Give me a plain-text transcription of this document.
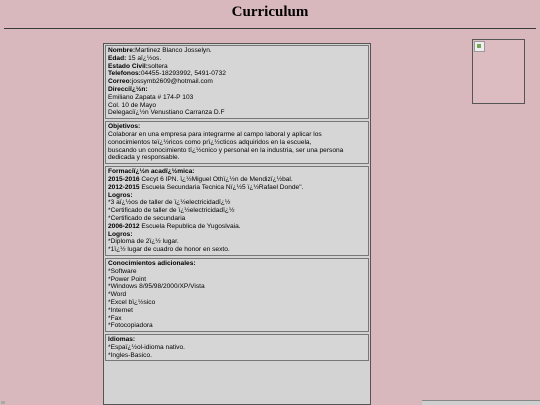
Curriculum
Nombre:Martinez Blanco Josselyn.
Edad: 15 aï¿½os.
Estado Civil:soltera
Telefonos:04455-18293992, 5491-0732
Correo:jossymb2609@hotmail.com
Direcciï¿½n:
Emiliano Zapata # 174-P 103
Col. 10 de Mayo
Delegaciï¿½n Venustiano Carranza D.F
Objetivos:
Colaborar en una empresa para integrarme al campo laboral y aplicar los
conocimientos teï¿½ricos como prï¿½cticos adquiridos en la escuela,
buscando un conocimiento tï¿½cnico y personal en la industria, ser una persona
dedicada y responsable.
Formaciï¿½n acadï¿½mica:
2015-2016 Cecyt 6 IPN. ï¿½Miguel Othï¿½n de Mendizï¿½bal.
2012-2015 Escuela Secundaria Tecnica Nï¿½5 ï¿½Rafael Donde".
Logros:
*3 aï¿½os de taller de ï¿½electricidadï¿½
*Certificado de taller de ï¿½electricidadï¿½
*Certificado de secundaria
2006-2012 Escuela Republica de Yugoslvaia.
Logros:
*Diploma de 2ï¿½ lugar.
*1ï¿½ lugar de cuadro de honor en sexto.
Conocimientos adicionales:
*Software
*Power Point
*Windows 8/95/98/2000/XP/Vista
*Word
*Excel bï¿½sico
*Internet
*Fax
*Fotocopiadora
Idiomas:
*Espaï¿½ol-idioma nativo.
*Ingles-Basico.
